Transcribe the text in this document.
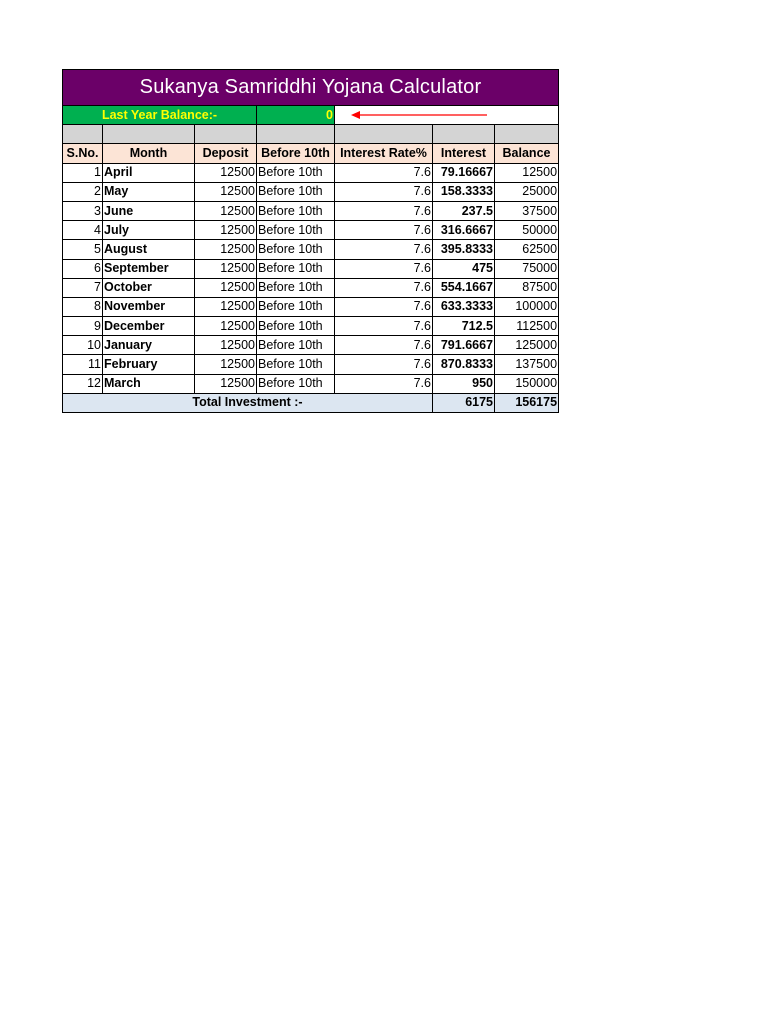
Sukanya Samriddhi Yojana Calculator						
Last Year Balance:-			0	

S.No.	Month	Deposit	Before 10th	Interest Rate%	Interest	Balance
1	April	12500	Before 10th	7.6	79.16667	12500
2	May	12500	Before 10th	7.6	158.3333	25000
3	June	12500	Before 10th	7.6	237.5	37500
4	July	12500	Before 10th	7.6	316.6667	50000
5	August	12500	Before 10th	7.6	395.8333	62500
6	September	12500	Before 10th	7.6	475	75000
7	October	12500	Before 10th	7.6	554.1667	87500
8	November	12500	Before 10th	7.6	633.3333	100000
9	December	12500	Before 10th	7.6	712.5	112500
10	January	12500	Before 10th	7.6	791.6667	125000
11	February	12500	Before 10th	7.6	870.8333	137500
12	March	12500	Before 10th	7.6	950	150000
Total Investment :-					6175	156175
